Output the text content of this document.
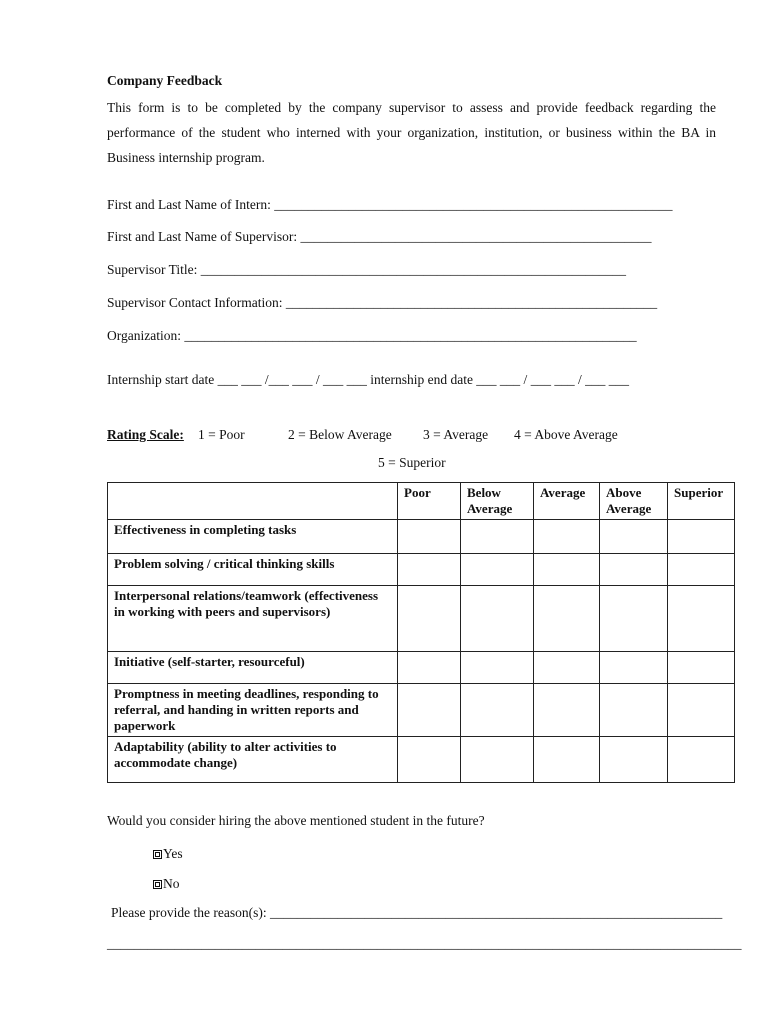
Company Feedback
This form is to be completed by the company supervisor to assess and provide feedback regarding the performance of the student who interned with your organization, institution, or business within the BA in Business internship program.
First and Last Name of Intern: ___________________________________________________________
First and Last Name of Supervisor: ____________________________________________________
Supervisor Title: _______________________________________________________________
Supervisor Contact Information: _______________________________________________________
Organization: ___________________________________________________________________
Internship start date ___ ___ /___ ___ / ___ ___ internship end date ___ ___ / ___ ___ / ___ ___
Rating Scale: 1 = Poor	2 = Below Average 3 = Average 4 = Above Average
5 = Superior
	Poor	Below Average	Average	Above Average	Superior
Effectiveness in completing tasks					
Problem solving / critical thinking skills					
Interpersonal relations/teamwork (effectiveness in working with peers and supervisors)					
Initiative (self-starter, resourceful)					
Promptness in meeting deadlines, responding to referral, and handing in written reports and paperwork					
Adaptability (ability to alter activities to accommodate change)					
Would you consider hiring the above mentioned student in the future?
Yes
No
Please provide the reason(s): ___________________________________________________________________
______________________________________________________________________________________________
